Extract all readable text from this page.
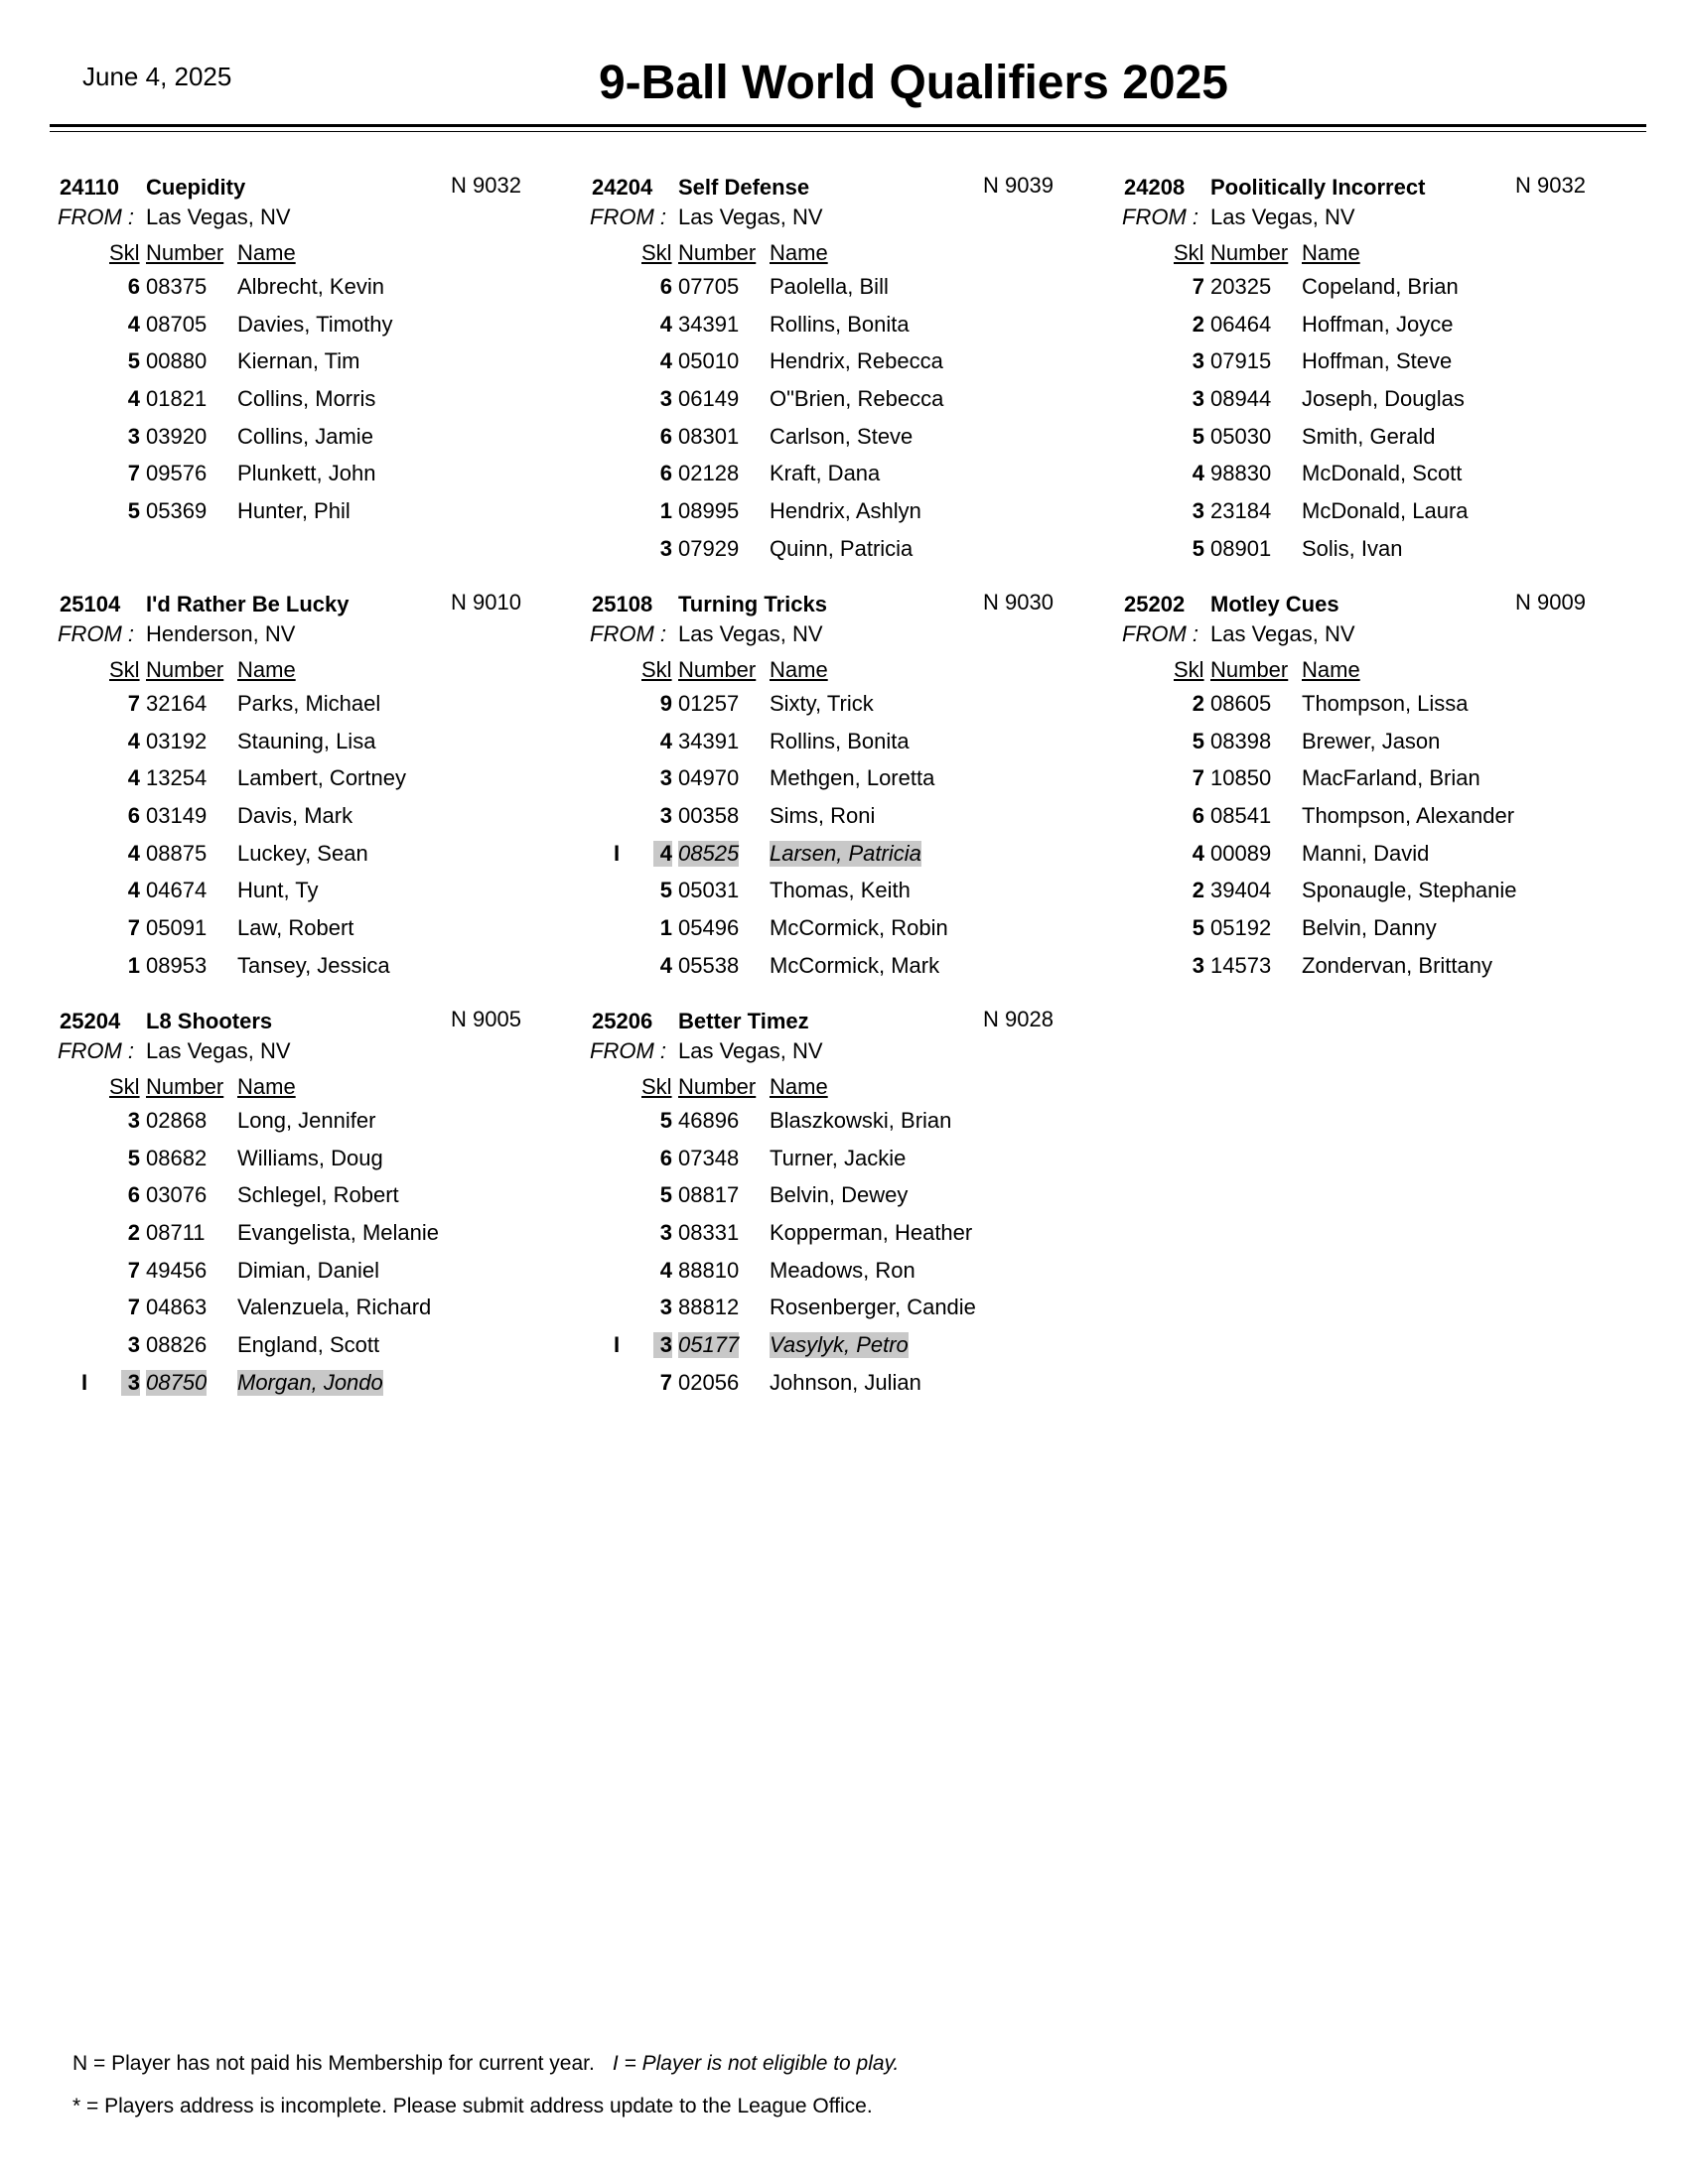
June 4, 2025	9-Ball World Qualifiers 2025
24110 Cuepidity	N 9032
FROM : Las Vegas, NV
Skl Number Name
6 08375 Albrecht, Kevin
4 08705 Davies, Timothy
5 00880 Kiernan, Tim
4 01821 Collins, Morris
3 03920 Collins, Jamie
7 09576 Plunkett, John
5 05369 Hunter, Phil
24204 Self Defense	N 9039
FROM : Las Vegas, NV
Skl Number Name
6 07705 Paolella, Bill
4 34391 Rollins, Bonita
4 05010 Hendrix, Rebecca
3 06149 O"Brien, Rebecca
6 08301 Carlson, Steve
6 02128 Kraft, Dana
1 08995 Hendrix, Ashlyn
3 07929 Quinn, Patricia
24208 Poolitically Incorrect	N 9032
FROM : Las Vegas, NV
Skl Number Name
7 20325 Copeland, Brian
2 06464 Hoffman, Joyce
3 07915 Hoffman, Steve
3 08944 Joseph, Douglas
5 05030 Smith, Gerald
4 98830 McDonald, Scott
3 23184 McDonald, Laura
5 08901 Solis, Ivan
25104 I'd Rather Be Lucky	N 9010
FROM : Henderson, NV
Skl Number Name
7 32164 Parks, Michael
4 03192 Stauning, Lisa
4 13254 Lambert, Cortney
6 03149 Davis, Mark
4 08875 Luckey, Sean
4 04674 Hunt, Ty
7 05091 Law, Robert
1 08953 Tansey, Jessica
25108 Turning Tricks	N 9030
FROM : Las Vegas, NV
Skl Number Name
9 01257 Sixty, Trick
4 34391 Rollins, Bonita
3 04970 Methgen, Loretta
3 00358 Sims, Roni
I	4 08525 Larsen, Patricia
5 05031 Thomas, Keith
1 05496 McCormick, Robin
4 05538 McCormick, Mark
25202 Motley Cues	N 9009
FROM : Las Vegas, NV
Skl Number Name
2 08605 Thompson, Lissa
5 08398 Brewer, Jason
7 10850 MacFarland, Brian
6 08541 Thompson, Alexander
4 00089 Manni, David
2 39404 Sponaugle, Stephanie
5 05192 Belvin, Danny
3 14573 Zondervan, Brittany
25204 L8 Shooters	N 9005
FROM : Las Vegas, NV
Skl Number Name
3 02868 Long, Jennifer
5 08682 Williams, Doug
6 03076 Schlegel, Robert
2 08711 Evangelista, Melanie
7 49456 Dimian, Daniel
7 04863 Valenzuela, Richard
3 08826 England, Scott
I	3 08750 Morgan, Jondo
25206 Better Timez	N 9028
FROM : Las Vegas, NV
Skl Number Name
5 46896 Blaszkowski, Brian
6 07348 Turner, Jackie
5 08817 Belvin, Dewey
3 08331 Kopperman, Heather
4 88810 Meadows, Ron
3 88812 Rosenberger, Candie
I	3 05177 Vasylyk, Petro
7 02056 Johnson, Julian
N = Player has not paid his Membership for current year. I = Player is not eligible to play.
* = Players address is incomplete. Please submit address update to the League Office.
